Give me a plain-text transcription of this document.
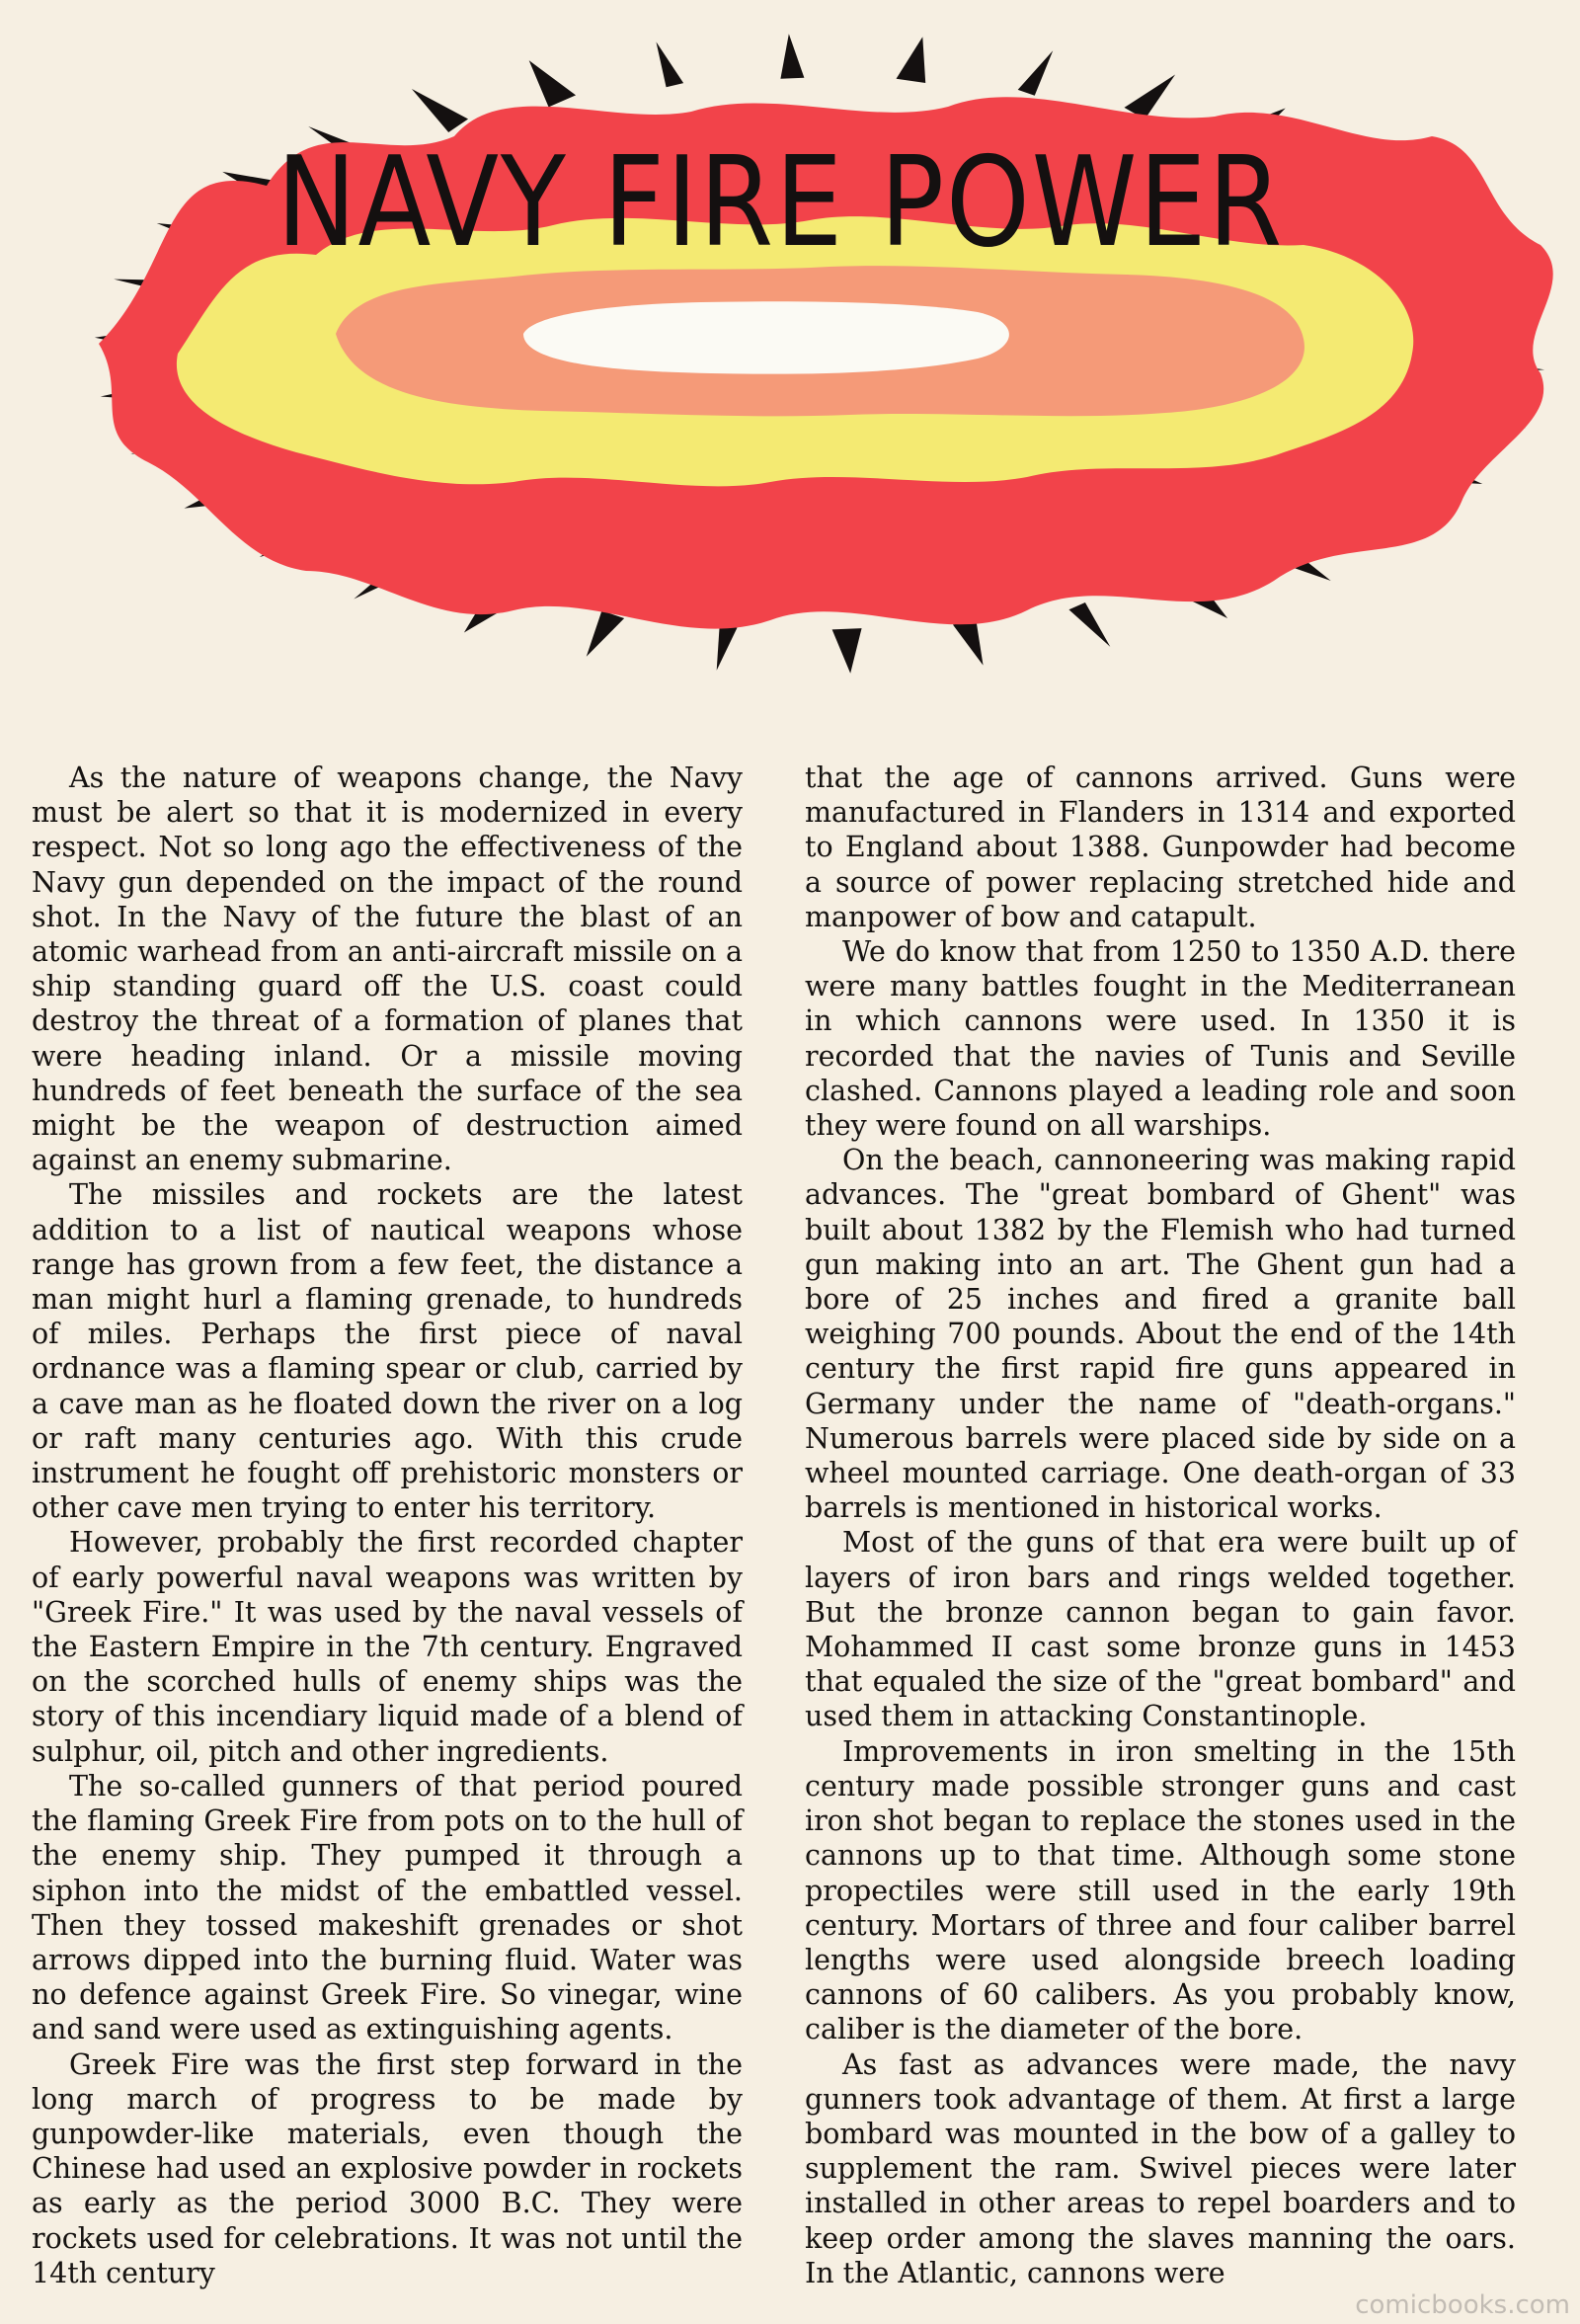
NAVY FIRE POWER

As the nature of weapons change, the Navy must be alert so that it is modernized in every respect. Not so long ago the effectiveness of the Navy gun depended on the impact of the round shot. In the Navy of the future the blast of an atomic warhead from an anti-aircraft missile on a ship standing guard off the U.S. coast could destroy the threat of a formation of planes that were heading inland. Or a missile moving hundreds of feet beneath the surface of the sea might be the weapon of destruction aimed against an enemy submarine.

The missiles and rockets are the latest addition to a list of nautical weapons whose range has grown from a few feet, the distance a man might hurl a flaming grenade, to hundreds of miles. Perhaps the first piece of naval ordnance was a flaming spear or club, carried by a cave man as he floated down the river on a log or raft many centuries ago. With this crude instrument he fought off prehistoric monsters or other cave men trying to enter his territory.

However, probably the first recorded chapter of early powerful naval weapons was written by "Greek Fire." It was used by the naval vessels of the Eastern Empire in the 7th century. Engraved on the scorched hulls of enemy ships was the story of this incendiary liquid made of a blend of sulphur, oil, pitch and other ingredients.

The so-called gunners of that period poured the flaming Greek Fire from pots on to the hull of the enemy ship. They pumped it through a siphon into the midst of the embattled vessel. Then they tossed makeshift grenades or shot arrows dipped into the burning fluid. Water was no defence against Greek Fire. So vinegar, wine and sand were used as extinguishing agents.

Greek Fire was the first step forward in the long march of progress to be made by gunpowder-like materials, even though the Chinese had used an explosive powder in rockets as early as the period 3000 B.C. They were rockets used for celebrations. It was not until the 14th century

that the age of cannons arrived. Guns were manufactured in Flanders in 1314 and exported to England about 1388. Gunpowder had become a source of power replacing stretched hide and manpower of bow and catapult.

We do know that from 1250 to 1350 A.D. there were many battles fought in the Mediterranean in which cannons were used. In 1350 it is recorded that the navies of Tunis and Seville clashed. Cannons played a leading role and soon they were found on all warships.

On the beach, cannoneering was making rapid advances. The "great bombard of Ghent" was built about 1382 by the Flemish who had turned gun making into an art. The Ghent gun had a bore of 25 inches and fired a granite ball weighing 700 pounds. About the end of the 14th century the first rapid fire guns appeared in Germany under the name of "death-organs." Numerous barrels were placed side by side on a wheel mounted carriage. One death-organ of 33 barrels is mentioned in historical works.

Most of the guns of that era were built up of layers of iron bars and rings welded together. But the bronze cannon began to gain favor. Mohammed II cast some bronze guns in 1453 that equaled the size of the "great bombard" and used them in attacking Constantinople.

Improvements in iron smelting in the 15th century made possible stronger guns and cast iron shot began to replace the stones used in the cannons up to that time. Although some stone propectiles were still used in the early 19th century. Mortars of three and four caliber barrel lengths were used alongside breech loading cannons of 60 calibers. As you probably know, caliber is the diameter of the bore.

As fast as advances were made, the navy gunners took advantage of them. At first a large bombard was mounted in the bow of a galley to supplement the ram. Swivel pieces were later installed in other areas to repel boarders and to keep order among the slaves manning the oars. In the Atlantic, cannons were

comicbooks.com
